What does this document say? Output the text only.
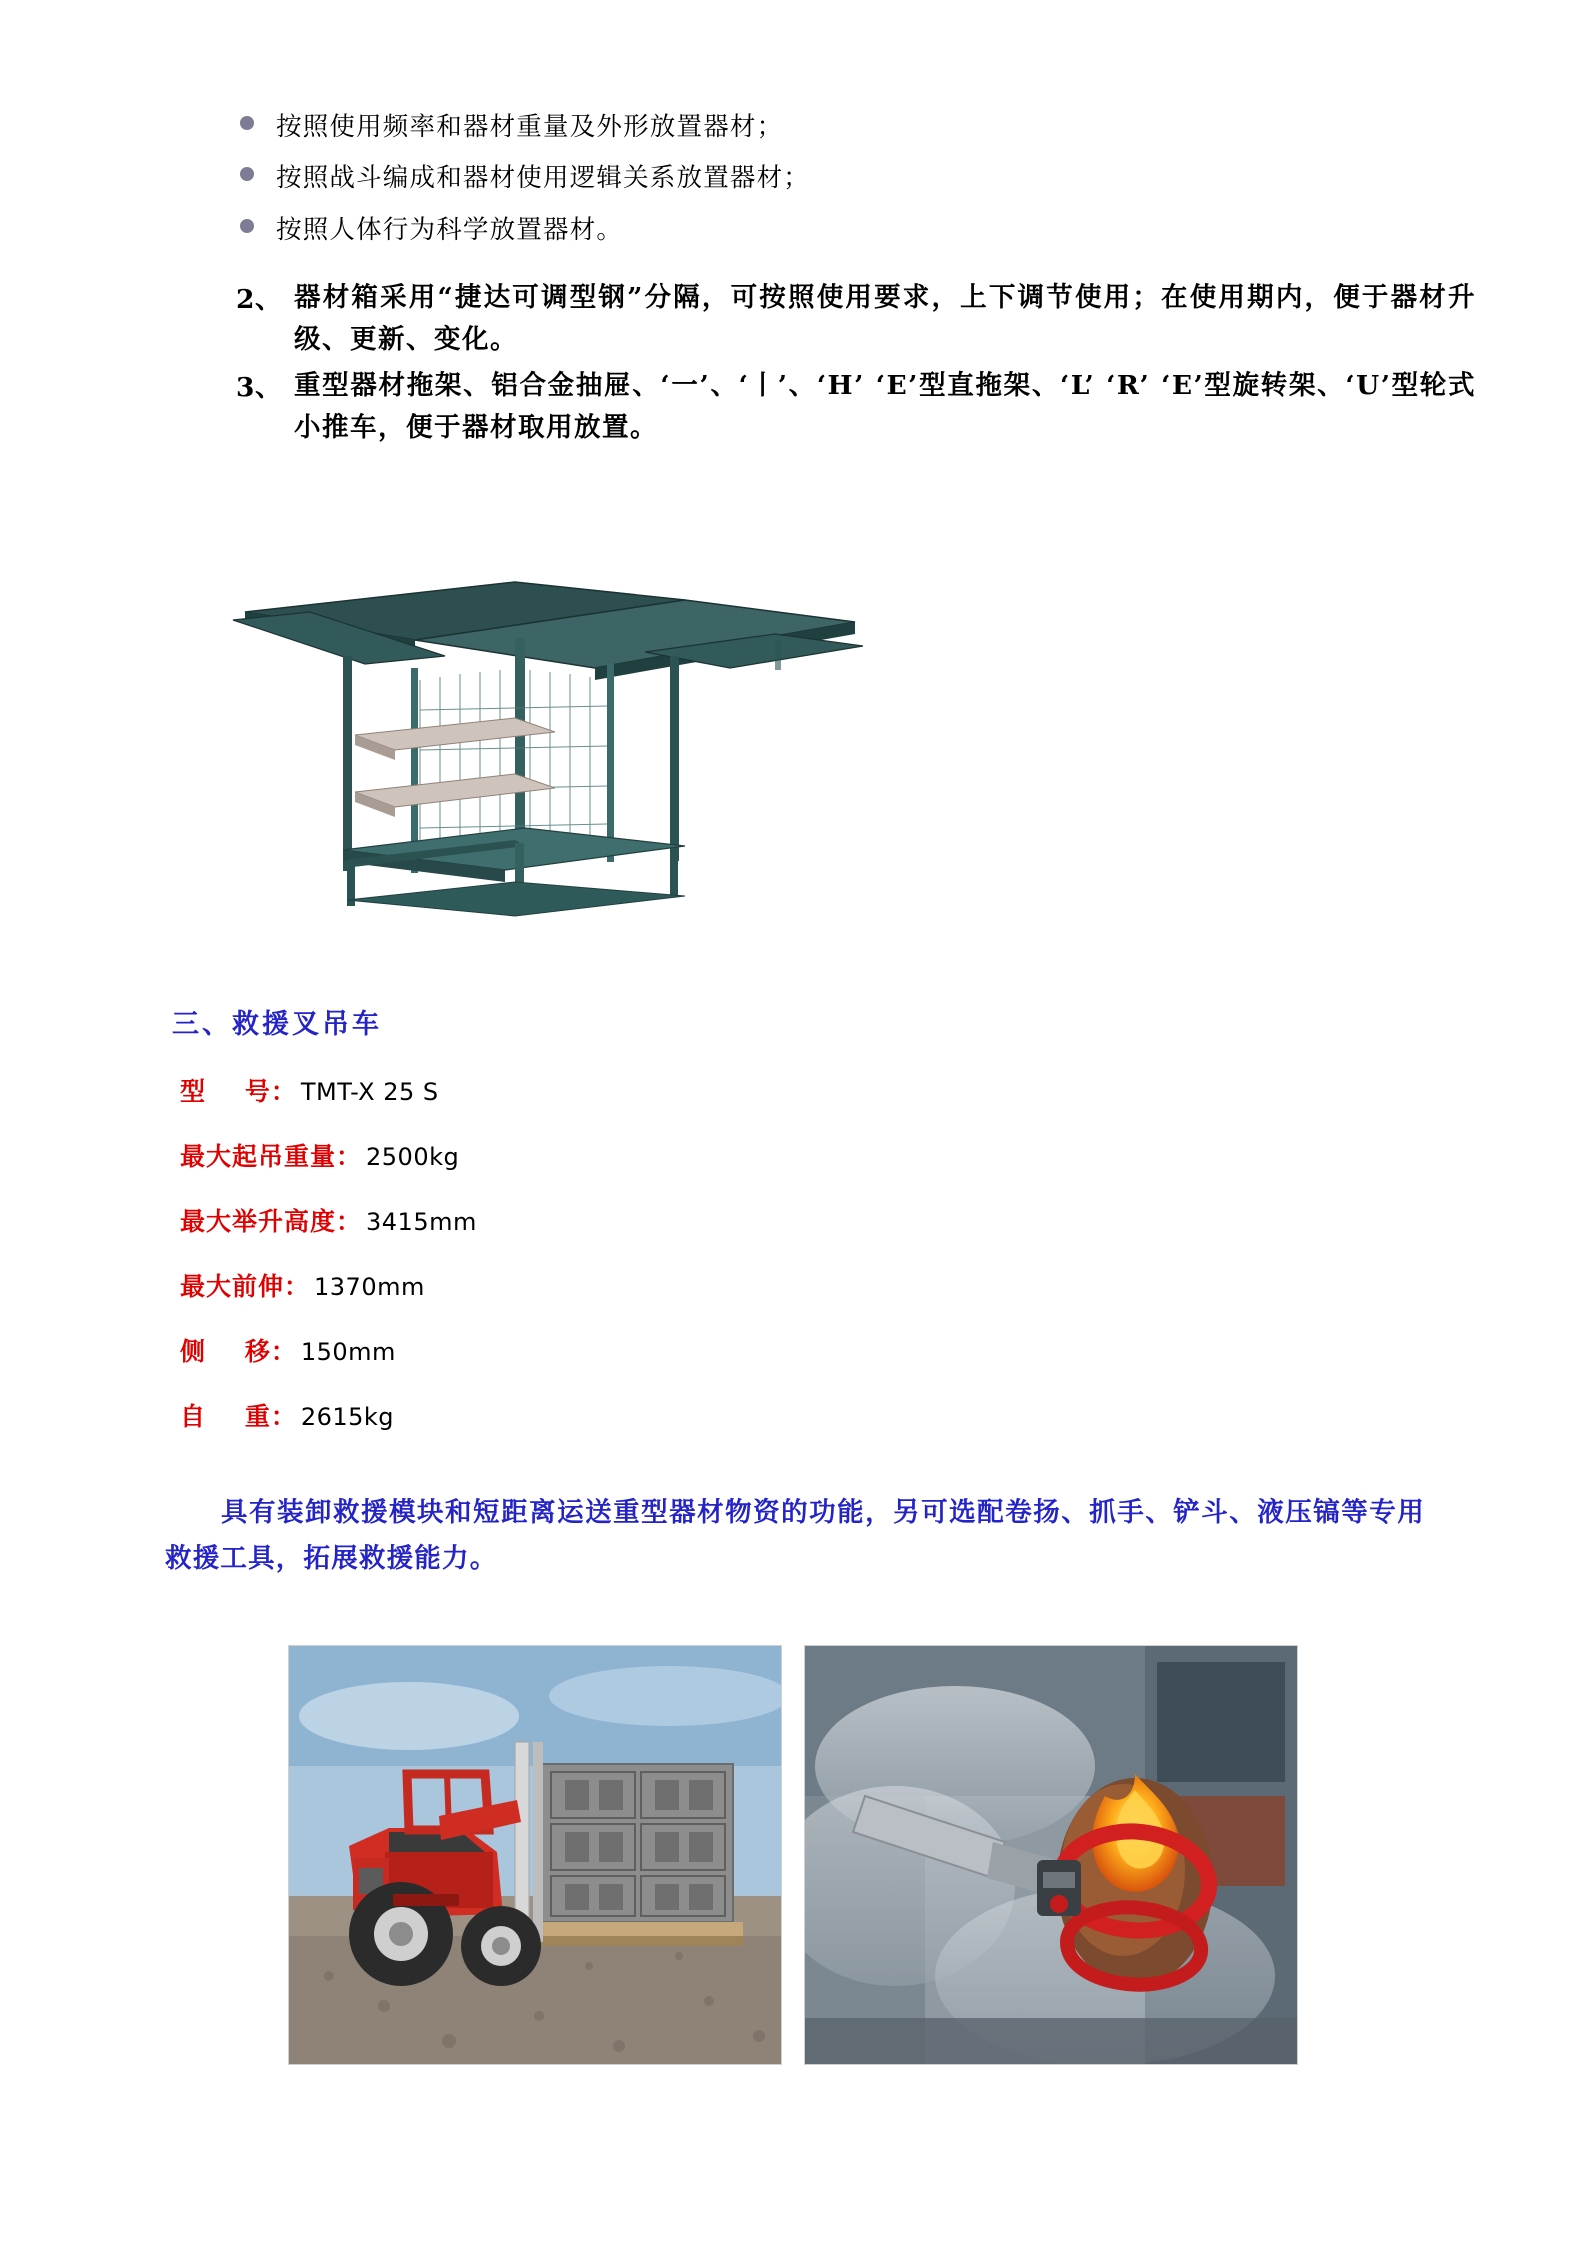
按照使用频率和器材重量及外形放置器材；
按照战斗编成和器材使用逻辑关系放置器材；
按照人体行为科学放置器材。
2、 器材箱采用“捷达可调型钢”分隔，可按照使用要求，上下调节使用；在使用期内，便于器材升级、更新、变化。
3、 重型器材拖架、铝合金抽屉、‘一’、‘丨’、‘H’ ‘E’型直拖架、‘L’ ‘R’ ‘E’型旋转架、‘U’型轮式小推车，便于器材取用放置。
三、救援叉吊车
型    号： TMT-X 25 S
最大起吊重量： 2500kg
最大举升高度： 3415mm
最大前伸： 1370mm
侧    移： 150mm
自    重： 2615kg
具有装卸救援模块和短距离运送重型器材物资的功能，另可选配卷扬、抓手、铲斗、液压镐等专用救援工具，拓展救援能力。
